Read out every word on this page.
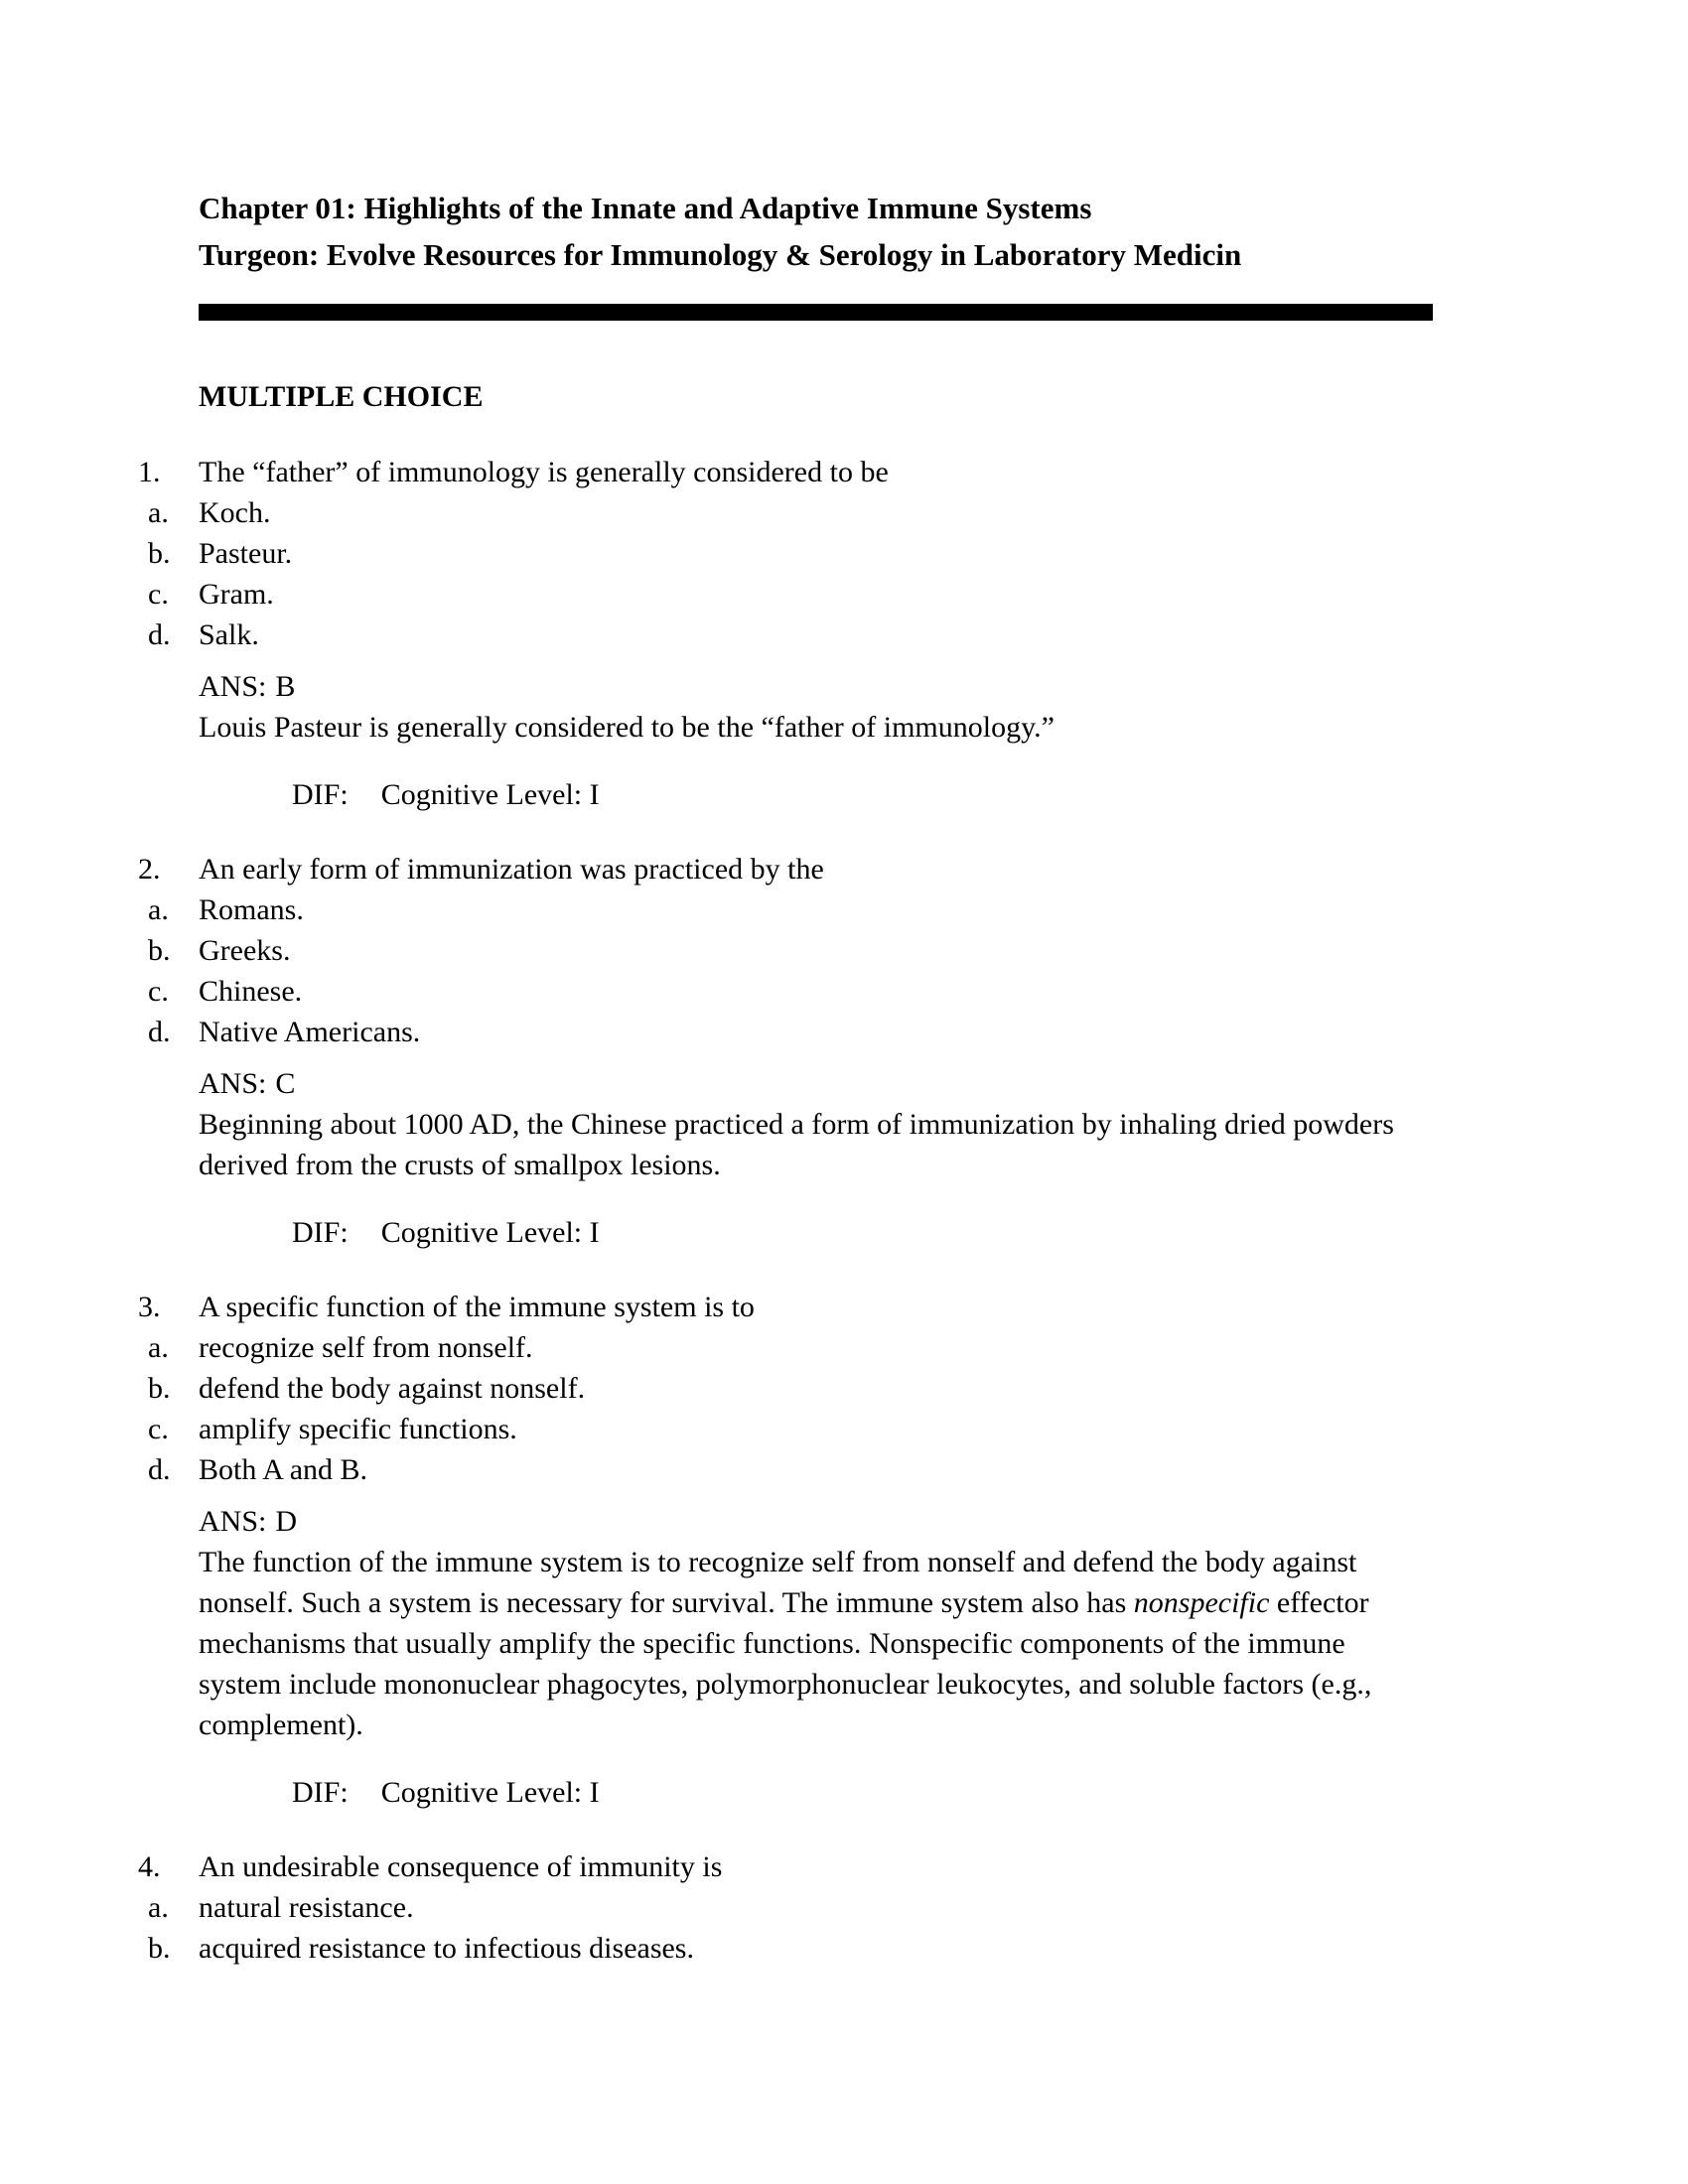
Chapter 01: Highlights of the Innate and Adaptive Immune Systems
Turgeon: Evolve Resources for Immunology & Serology in Laboratory Medicin
MULTIPLE CHOICE
1.	The “father” of immunology is generally considered to be
a.	Koch.
b. Pasteur.
c.	Gram.
d. Salk.
ANS: B
Louis Pasteur is generally considered to be the “father of immunology.”
DIF: Cognitive Level: I
2.	An early form of immunization was practiced by the
a.	Romans.
b. Greeks.
c.	Chinese.
d. Native Americans.
ANS: C
Beginning about 1000 AD, the Chinese practiced a form of immunization by inhaling dried powders derived from the crusts of smallpox lesions.
DIF: Cognitive Level: I
3.	A specific function of the immune system is to
a.	recognize self from nonself.
b. defend the body against nonself.
c.	amplify specific functions.
d. Both A and B.
ANS: D
The function of the immune system is to recognize self from nonself and defend the body against nonself. Such a system is necessary for survival. The immune system also has nonspecific effector mechanisms that usually amplify the specific functions. Nonspecific components of the immune system include mononuclear phagocytes, polymorphonuclear leukocytes, and soluble factors (e.g., complement).
DIF: Cognitive Level: I
4.	An undesirable consequence of immunity is
a.	natural resistance.
b. acquired resistance to infectious diseases.
